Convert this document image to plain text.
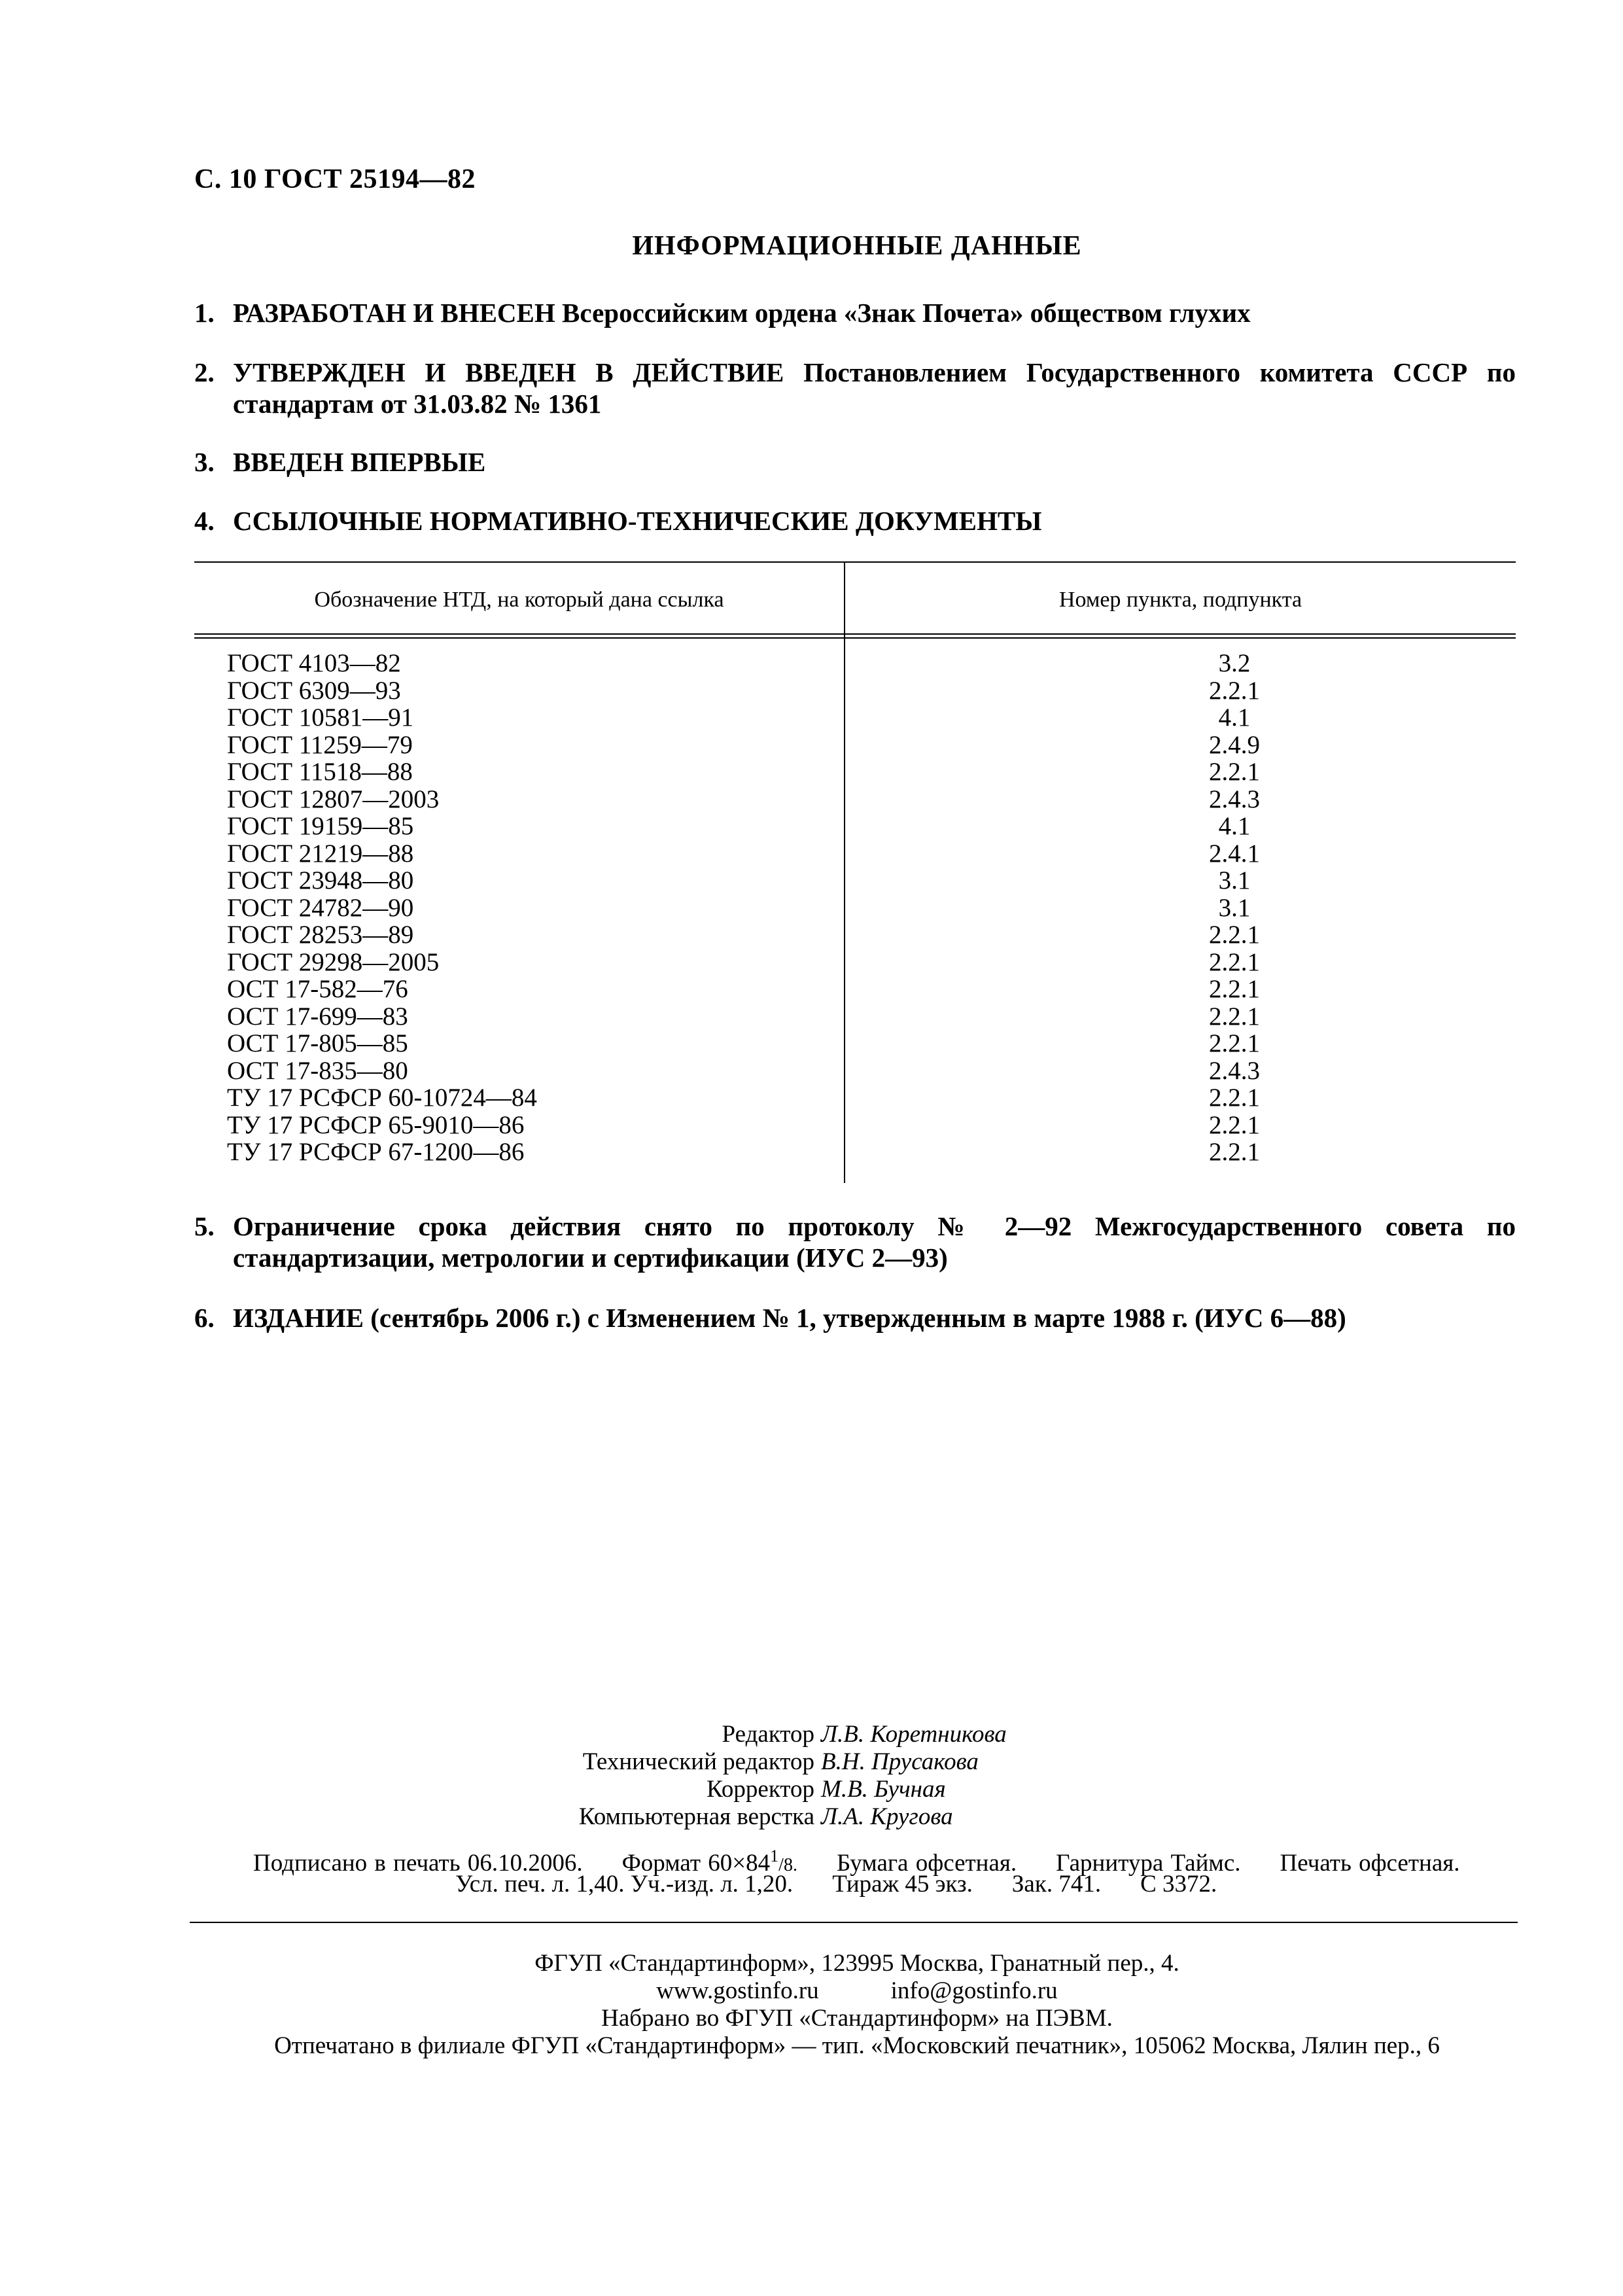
С. 10 ГОСТ 25194—82
ИНФОРМАЦИОННЫЕ ДАННЫЕ
1. РАЗРАБОТАН И ВНЕСЕН Всероссийским ордена «Знак Почета» обществом глухих
2. УТВЕРЖДЕН И ВВЕДЕН В ДЕЙСТВИЕ Постановлением Государственного комитета СССР по стандартам от 31.03.82 № 1361
3. ВВЕДЕН ВПЕРВЫЕ
4. ССЫЛОЧНЫЕ НОРМАТИВНО-ТЕХНИЧЕСКИЕ ДОКУМЕНТЫ
Обозначение НТД, на который дана ссылка	Номер пункта, подпункта
ГОСТ 4103—82	3.2
ГОСТ 6309—93	2.2.1
ГОСТ 10581—91	4.1
ГОСТ 11259—79	2.4.9
ГОСТ 11518—88	2.2.1
ГОСТ 12807—2003	2.4.3
ГОСТ 19159—85	4.1
ГОСТ 21219—88	2.4.1
ГОСТ 23948—80	3.1
ГОСТ 24782—90	3.1
ГОСТ 28253—89	2.2.1
ГОСТ 29298—2005	2.2.1
ОСТ 17-582—76	2.2.1
ОСТ 17-699—83	2.2.1
ОСТ 17-805—85	2.2.1
ОСТ 17-835—80	2.4.3
ТУ 17 РСФСР 60-10724—84	2.2.1
ТУ 17 РСФСР 65-9010—86	2.2.1
ТУ 17 РСФСР 67-1200—86	2.2.1
5. Ограничение срока действия снято по протоколу № 2—92 Межгосударственного совета по стандартизации, метрологии и сертификации (ИУС 2—93)
6. ИЗДАНИЕ (сентябрь 2006 г.) с Изменением № 1, утвержденным в марте 1988 г. (ИУС 6—88)
Редактор Л.В. Коретникова
Технический редактор В.Н. Прусакова
Корректор М.В. Бучная
Компьютерная верстка Л.А. Кругова
Подписано в печать 06.10.2006. Формат $60\times 84^1/8$. Бумага офсетная. Гарнитура Таймс. Печать офсетная.
Усл. печ. л. 1,40. Уч.-изд. л. 1,20. Тираж 45 экз. Зак. 741. С 3372.
ФГУП «Стандартинформ», 123995 Москва, Гранатный пер., 4.
www.gostinfo.ru	info@gostinfo.ru
Набрано во ФГУП «Стандартинформ» на ПЭВМ.
Отпечатано в филиале ФГУП «Стандартинформ» — тип. «Московский печатник», 105062 Москва, Лялин пер., 6
